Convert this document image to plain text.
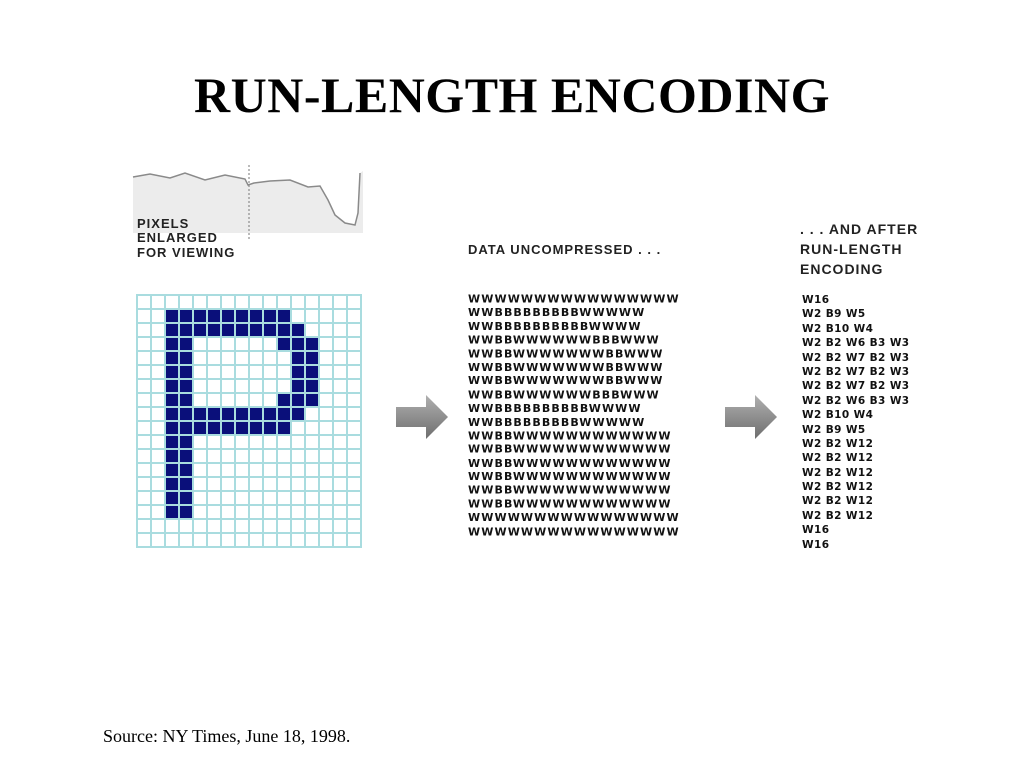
RUN-LENGTH ENCODING
PIXELS
ENLARGED
FOR VIEWING	DATA UNCOMPRESSED . . .
WWWWWWWWWWWWWWWW
WWBBBBBBBBBWWWWW
WWBBBBBBBBBBWWWW
WWBBWWWWWWBBBWWW
WWBBWWWWWWWBBWWW
WWBBWWWWWWWBBWWW
WWBBWWWWWWWBBWWW
WWBBWWWWWWBBBWWW
WWBBBBBBBBBBWWWW
WWBBBBBBBBBWWWWW
WWBBWWWWWWWWWWWW
WWBBWWWWWWWWWWWW
WWBBWWWWWWWWWWWW
WWBBWWWWWWWWWWWW
WWBBWWWWWWWWWWWW
WWBBWWWWWWWWWWWW
WWWWWWWWWWWWWWWW
WWWWWWWWWWWWWWWW
. . . AND AFTER
RUN-LENGTH
ENCODING
W16
W2 B9 W5
W2 B10 W4
W2 B2 W6 B3 W3
W2 B2 W7 B2 W3
W2 B2 W7 B2 W3
W2 B2 W7 B2 W3
W2 B2 W6 B3 W3
W2 B10 W4
W2 B9 W5
W2 B2 W12
W2 B2 W12
W2 B2 W12
W2 B2 W12
W2 B2 W12
W2 B2 W12
W16
W16

Source: NY Times, June 18, 1998.
